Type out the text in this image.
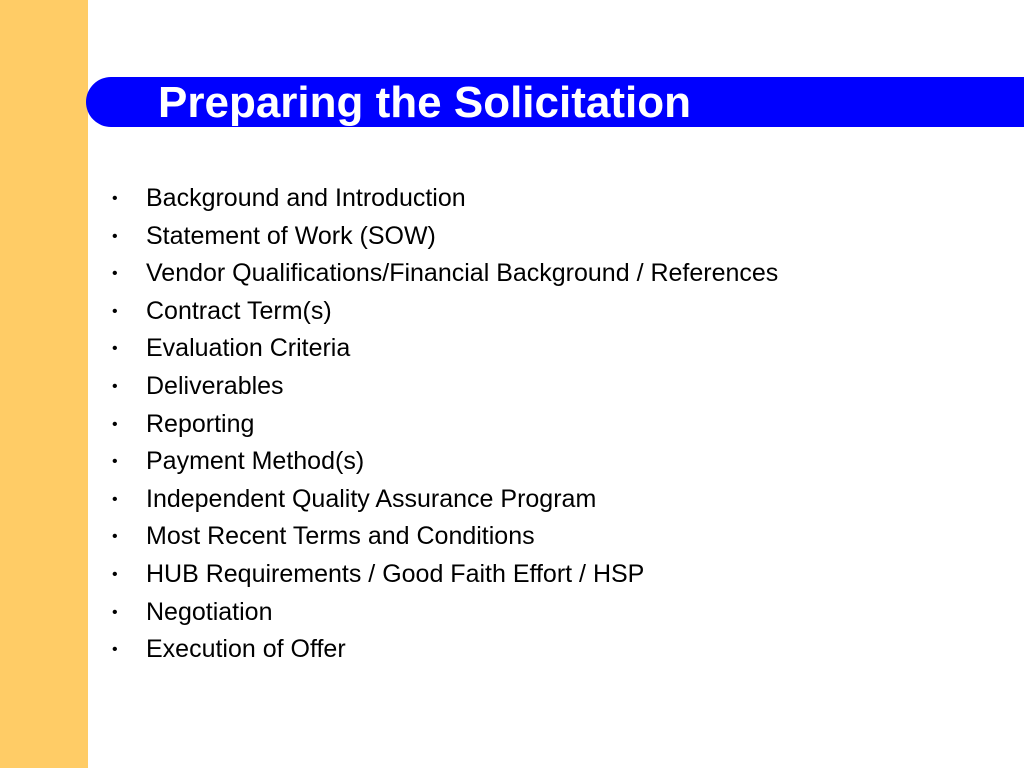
Preparing the Solicitation
• Background and Introduction
• Statement of Work (SOW)
• Vendor Qualifications/Financial Background / References
• Contract Term(s)
• Evaluation Criteria
• Deliverables
• Reporting
• Payment Method(s)
• Independent Quality Assurance Program
• Most Recent Terms and Conditions
• HUB Requirements / Good Faith Effort / HSP
• Negotiation
• Execution of Offer
